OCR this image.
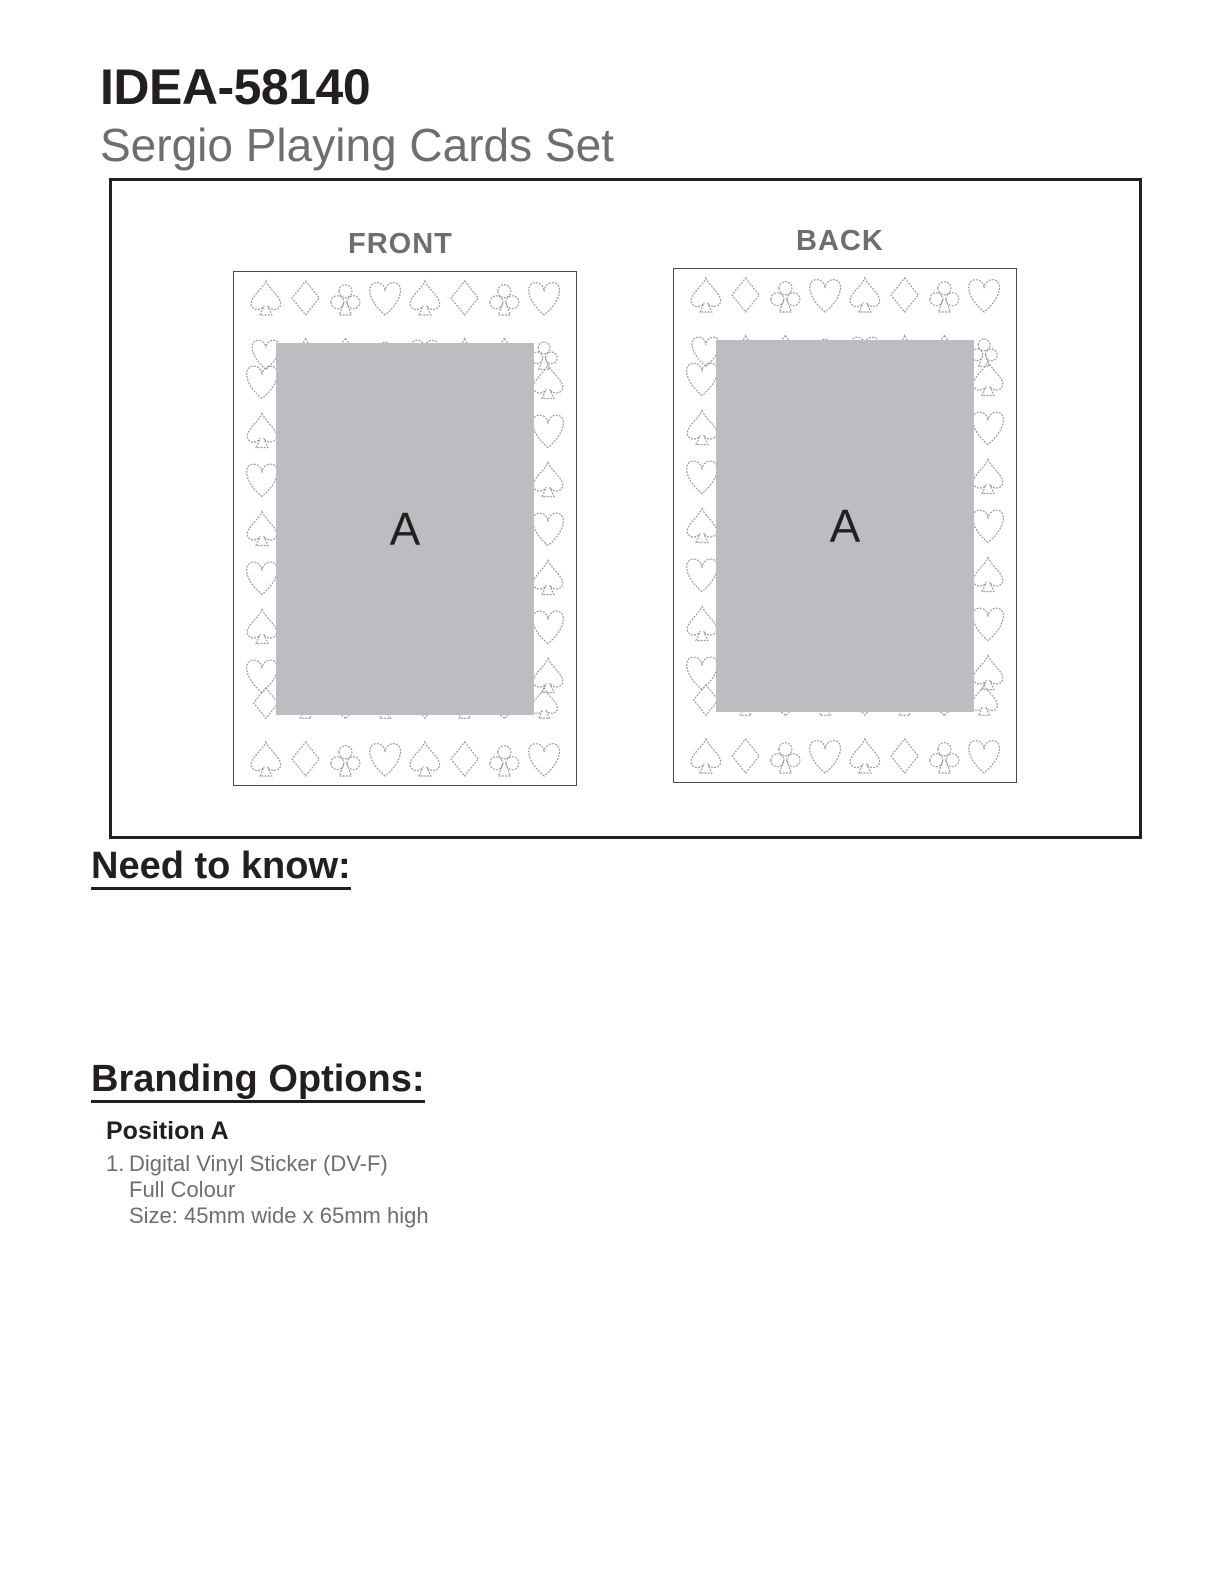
IDEA-58140
Sergio Playing Cards Set
FRONT	BACK
A	A
Need to know:
Branding Options:
Position A
1. Digital Vinyl Sticker (DV-F)
Full Colour
Size: 45mm wide x 65mm high
